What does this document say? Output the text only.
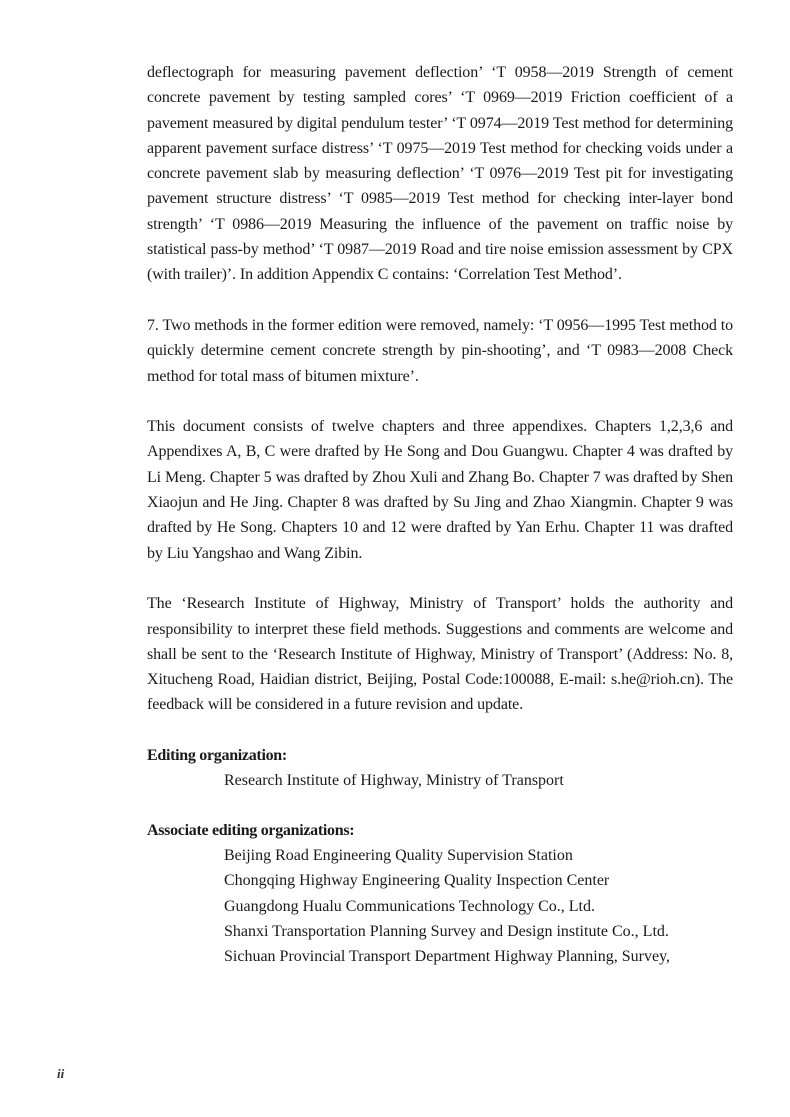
deflectograph for measuring pavement deflection’ ‘T 0958—2019 Strength of cement concrete pavement by testing sampled cores’ ‘T 0969—2019 Friction coefficient of a pavement measured by digital pendulum tester’ ‘T 0974—2019 Test method for determining apparent pavement surface distress’ ‘T 0975—2019 Test method for checking voids under a concrete pavement slab by measuring deflection’ ‘T 0976—2019 Test pit for investigating pavement structure distress’ ‘T 0985—2019 Test method for checking inter-layer bond strength’ ‘T 0986—2019 Measuring the influence of the pavement on traffic noise by statistical pass-by method’ ‘T 0987—2019 Road and tire noise emission assessment by CPX (with trailer)’. In addition Appendix C contains: ‘Correlation Test Method’.

7. Two methods in the former edition were removed, namely: ‘T 0956—1995 Test method to quickly determine cement concrete strength by pin-shooting’, and ‘T 0983—2008 Check method for total mass of bitumen mixture’.

This document consists of twelve chapters and three appendixes. Chapters 1,2,3,6 and Appendixes A, B, C were drafted by He Song and Dou Guangwu. Chapter 4 was drafted by Li Meng. Chapter 5 was drafted by Zhou Xuli and Zhang Bo. Chapter 7 was drafted by Shen Xiaojun and He Jing. Chapter 8 was drafted by Su Jing and Zhao Xiangmin. Chapter 9 was drafted by He Song. Chapters 10 and 12 were drafted by Yan Erhu. Chapter 11 was drafted by Liu Yangshao and Wang Zibin.

The ‘Research Institute of Highway, Ministry of Transport’ holds the authority and responsibility to interpret these field methods. Suggestions and comments are welcome and shall be sent to the ‘Research Institute of Highway, Ministry of Transport’ (Address: No. 8, Xitucheng Road, Haidian district, Beijing, Postal Code:100088, E-mail: s.he@rioh.cn). The feedback will be considered in a future revision and update.

Editing organization:

Research Institute of Highway, Ministry of Transport

Associate editing organizations:

Beijing Road Engineering Quality Supervision Station

Chongqing Highway Engineering Quality Inspection Center

Guangdong Hualu Communications Technology Co., Ltd.

Shanxi Transportation Planning Survey and Design institute Co., Ltd.

Sichuan Provincial Transport Department Highway Planning, Survey,

ii
